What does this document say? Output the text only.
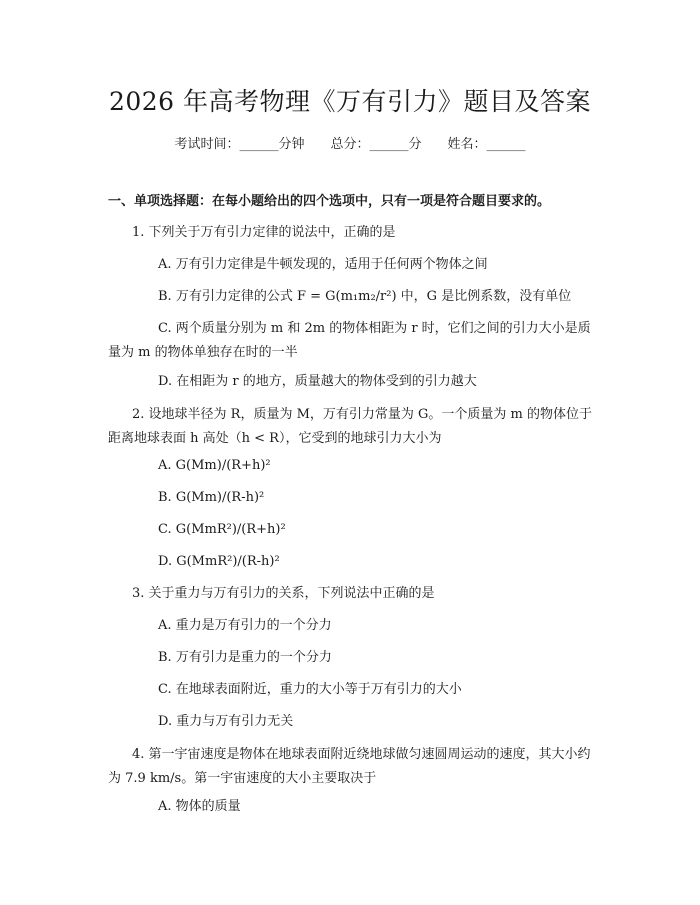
2026 年高考物理《万有引力》题目及答案
考试时间：______分钟 总分：______分 姓名：______
一、单项选择题：在每小题给出的四个选项中，只有一项是符合题目要求的。
1. 下列关于万有引力定律的说法中，正确的是
A. 万有引力定律是牛顿发现的，适用于任何两个物体之间
B. 万有引力定律的公式 F = G(m₁m₂/r²) 中，G 是比例系数，没有单位
C. 两个质量分别为 m 和 2m 的物体相距为 r 时，它们之间的引力大小是质量为 m 的物体单独存在时的一半
D. 在相距为 r 的地方，质量越大的物体受到的引力越大
2. 设地球半径为 R，质量为 M，万有引力常量为 G。一个质量为 m 的物体位于距离地球表面 h 高处（h < R），它受到的地球引力大小为
A. G(Mm)/(R+h)²
B. G(Mm)/(R-h)²
C. G(MmR²)/(R+h)²
D. G(MmR²)/(R-h)²
3. 关于重力与万有引力的关系，下列说法中正确的是
A. 重力是万有引力的一个分力
B. 万有引力是重力的一个分力
C. 在地球表面附近，重力的大小等于万有引力的大小
D. 重力与万有引力无关
4. 第一宇宙速度是物体在地球表面附近绕地球做匀速圆周运动的速度，其大小约为 7.9 km/s。第一宇宙速度的大小主要取决于
A. 物体的质量
